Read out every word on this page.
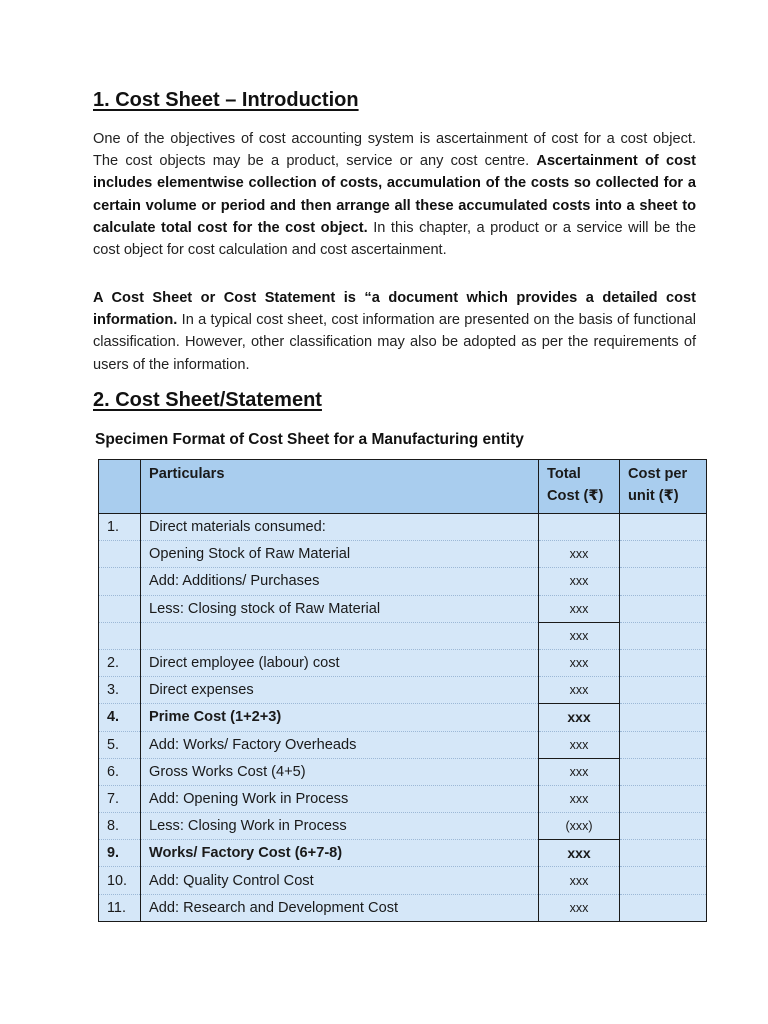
1. Cost Sheet – Introduction

One of the objectives of cost accounting system is ascertainment of cost for a cost object. The cost objects may be a product, service or any cost centre. Ascertainment of cost includes elementwise collection of costs, accumulation of the costs so collected for a certain volume or period and then arrange all these accumulated costs into a sheet to calculate total cost for the cost object. In this chapter, a product or a service will be the cost object for cost calculation and cost ascertainment.

A Cost Sheet or Cost Statement is “a document which provides a detailed cost information. In a typical cost sheet, cost information are presented on the basis of functional classification. However, other classification may also be adopted as per the requirements of users of the information.

2. Cost Sheet/Statement

Specimen Format of Cost Sheet for a Manufacturing entity

	Particulars	Total Cost (₹)	Cost per unit (₹)
1.	Direct materials consumed:		
	Opening Stock of Raw Material	xxx	
	Add: Additions/ Purchases	xxx	
	Less: Closing stock of Raw Material	xxx	
		xxx	
2.	Direct employee (labour) cost	xxx	
3.	Direct expenses	xxx	
4.	Prime Cost (1+2+3)	xxx	
5.	Add: Works/ Factory Overheads	xxx	
6.	Gross Works Cost (4+5)	xxx	
7.	Add: Opening Work in Process	xxx	
8.	Less: Closing Work in Process	(xxx)	
9.	Works/ Factory Cost (6+7-8)	xxx	
10.	Add: Quality Control Cost	xxx	
11.	Add: Research and Development Cost	xxx	
